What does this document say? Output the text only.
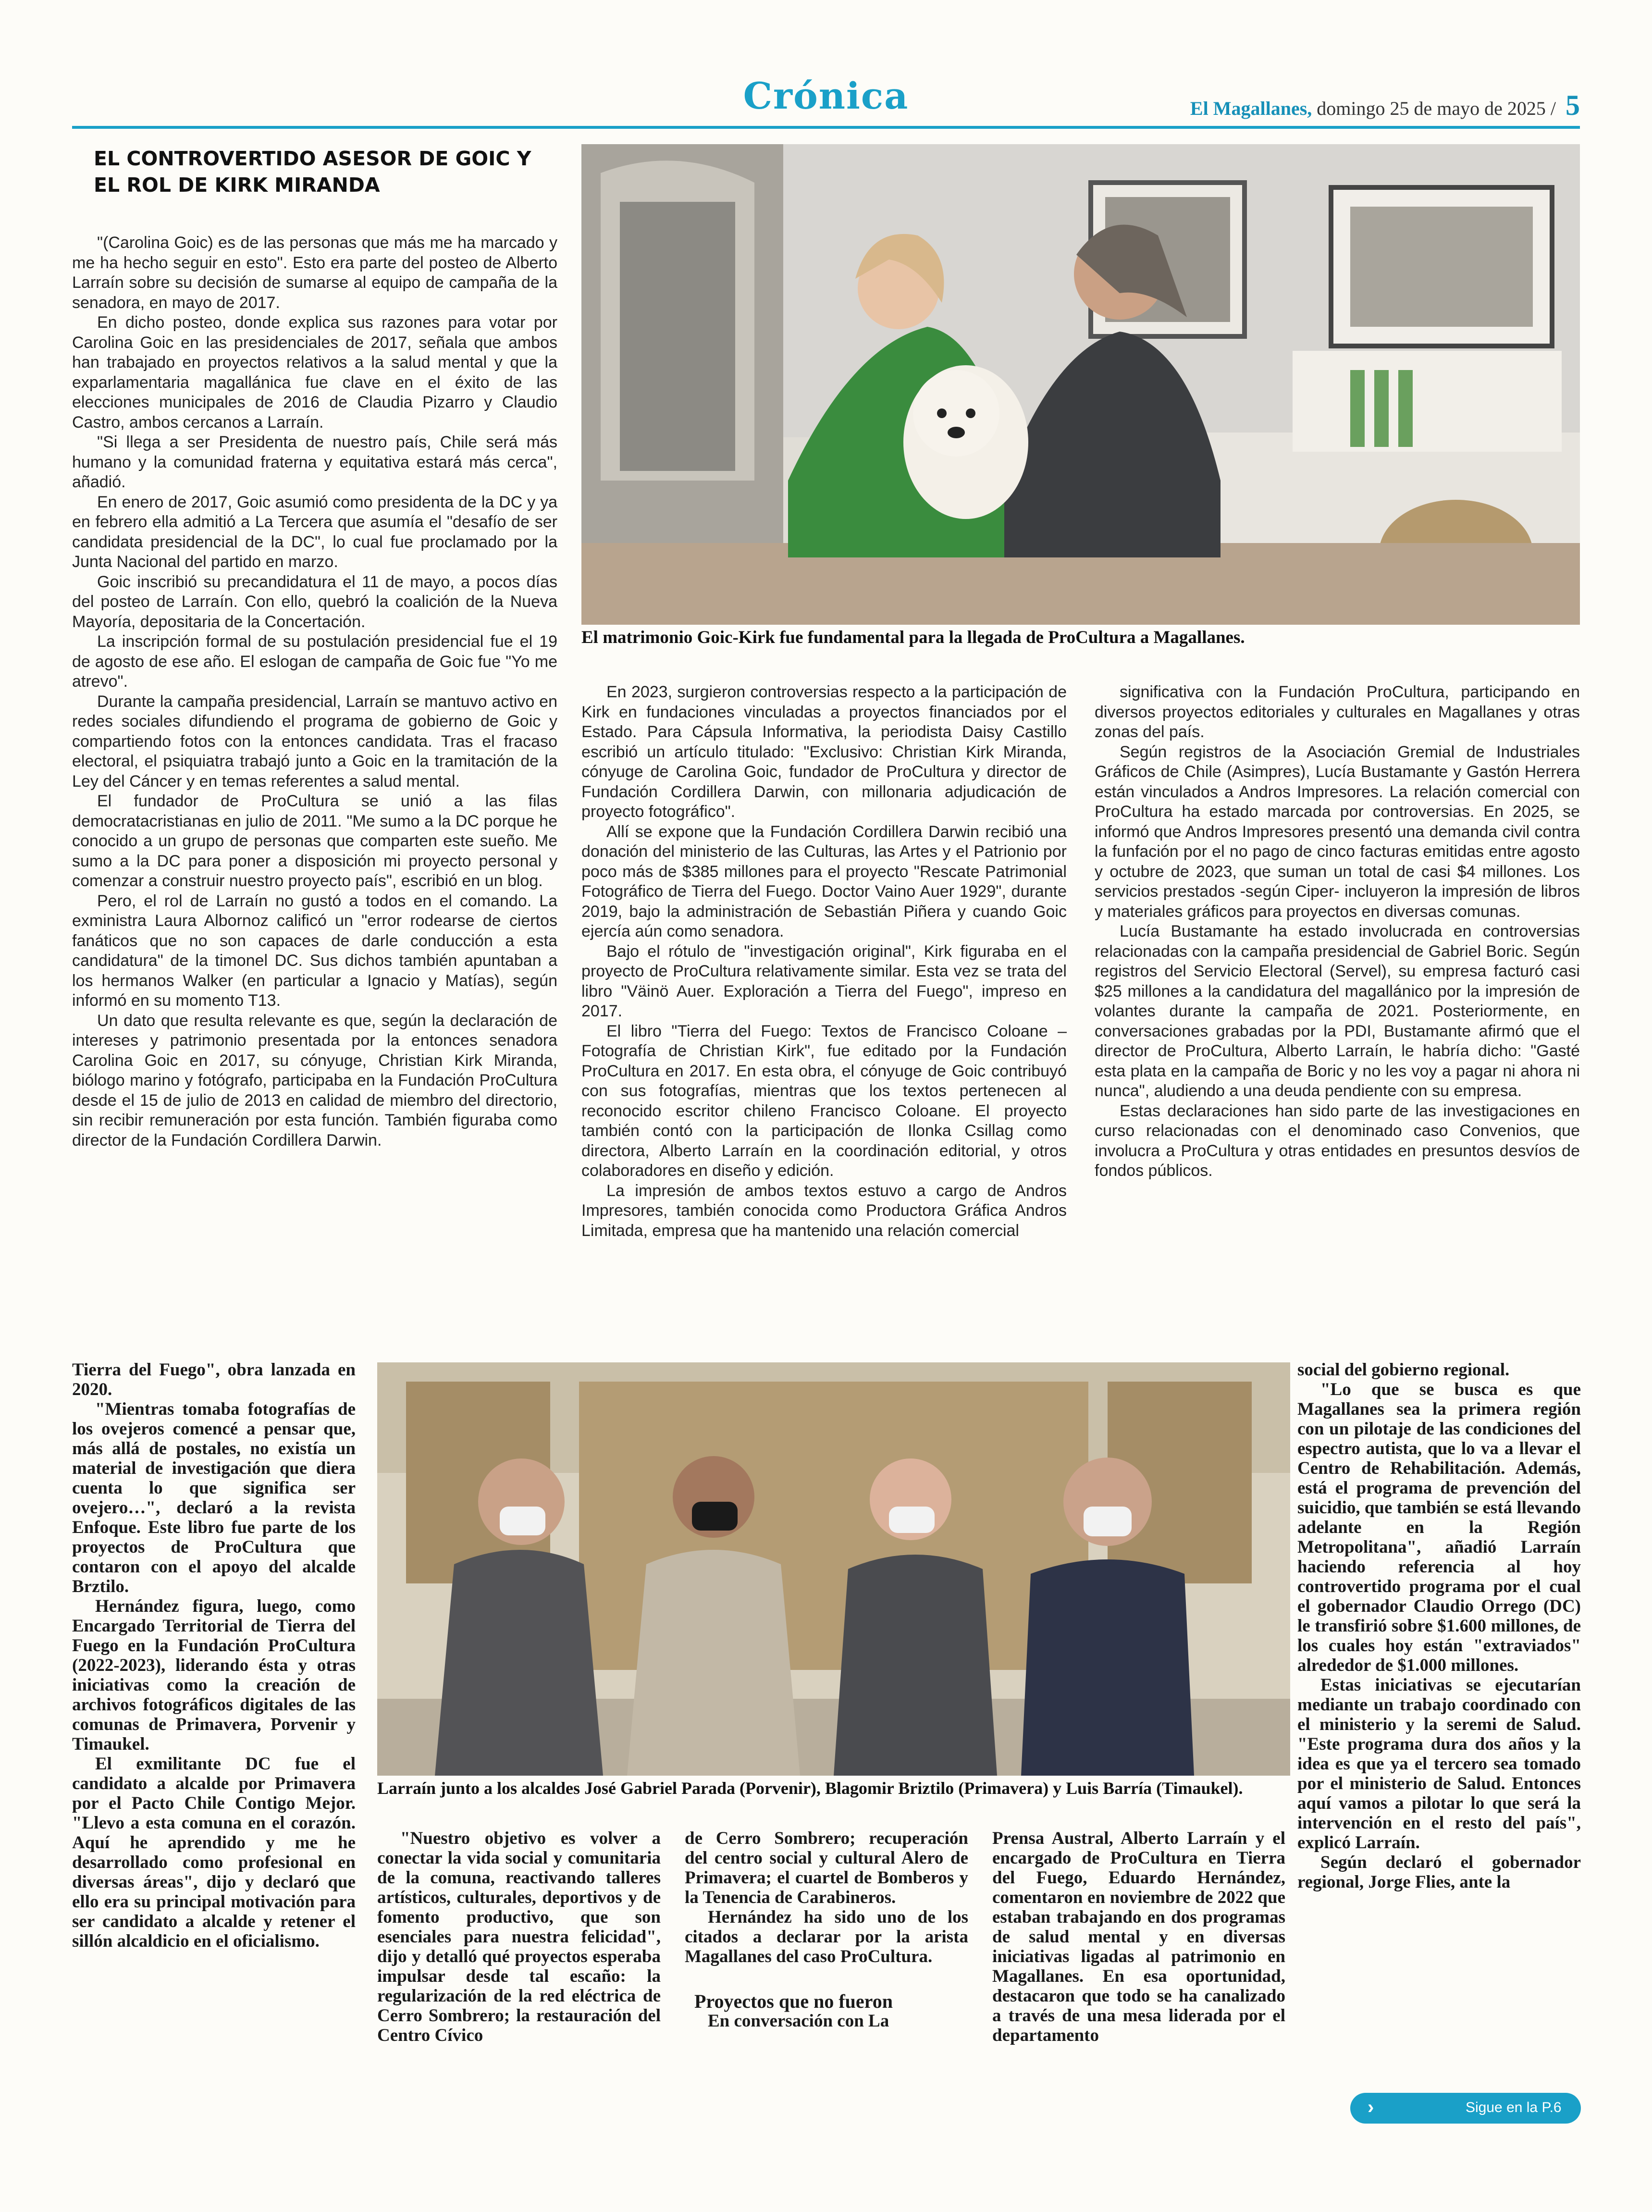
Crónica	El Magallanes, domingo 25 de mayo de 2025 / 5
EL CONTROVERTIDO ASESOR DE GOIC Y EL ROL DE KIRK MIRANDA

"(Carolina Goic) es de las personas que más me ha marcado y me ha hecho seguir en esto". Esto era parte del posteo de Alberto Larraín sobre su decisión de sumarse al equipo de campaña de la senadora, en mayo de 2017.

En dicho posteo, donde explica sus razones para votar por Carolina Goic en las presidenciales de 2017, señala que ambos han trabajado en proyectos relativos a la salud mental y que la exparlamentaria magallánica fue clave en el éxito de las elecciones municipales de 2016 de Claudia Pizarro y Claudio Castro, ambos cercanos a Larraín.

"Si llega a ser Presidenta de nuestro país, Chile será más humano y la comunidad fraterna y equitativa estará más cerca", añadió.

En enero de 2017, Goic asumió como presidenta de la DC y ya en febrero ella admitió a La Tercera que asumía el "desafío de ser candidata presidencial de la DC", lo cual fue proclamado por la Junta Nacional del partido en marzo.

Goic inscribió su precandidatura el 11 de mayo, a pocos días del posteo de Larraín. Con ello, quebró la coalición de la Nueva Mayoría, depositaria de la Concertación.

La inscripción formal de su postulación presidencial fue el 19 de agosto de ese año. El eslogan de campaña de Goic fue "Yo me atrevo".

Durante la campaña presidencial, Larraín se mantuvo activo en redes sociales difundiendo el programa de gobierno de Goic y compartiendo fotos con la entonces candidata. Tras el fracaso electoral, el psiquiatra trabajó junto a Goic en la tramitación de la Ley del Cáncer y en temas referentes a salud mental.

El fundador de ProCultura se unió a las filas democratacristianas en julio de 2011. "Me sumo a la DC porque he conocido a un grupo de personas que comparten este sueño. Me sumo a la DC para poner a disposición mi proyecto personal y comenzar a construir nuestro proyecto país", escribió en un blog.

Pero, el rol de Larraín no gustó a todos en el comando. La exministra Laura Albornoz calificó un "error rodearse de ciertos fanáticos que no son capaces de darle conducción a esta candidatura" de la timonel DC. Sus dichos también apuntaban a los hermanos Walker (en particular a Ignacio y Matías), según informó en su momento T13.

Un dato que resulta relevante es que, según la declaración de intereses y patrimonio presentada por la entonces senadora Carolina Goic en 2017, su cónyuge, Christian Kirk Miranda, biólogo marino y fotógrafo, participaba en la Fundación ProCultura desde el 15 de julio de 2013 en calidad de miembro del directorio, sin recibir remuneración por esta función. También figuraba como director de la Fundación Cordillera Darwin.

El matrimonio Goic-Kirk fue fundamental para la llegada de ProCultura a Magallanes.

En 2023, surgieron controversias respecto a la participación de Kirk en fundaciones vinculadas a proyectos financiados por el Estado. Para Cápsula Informativa, la periodista Daisy Castillo escribió un artículo titulado: "Exclusivo: Christian Kirk Miranda, cónyuge de Carolina Goic, fundador de ProCultura y director de Fundación Cordillera Darwin, con millonaria adjudicación de proyecto fotográfico".

Allí se expone que la Fundación Cordillera Darwin recibió una donación del ministerio de las Culturas, las Artes y el Patrionio por poco más de $385 millones para el proyecto "Rescate Patrimonial Fotográfico de Tierra del Fuego. Doctor Vaino Auer 1929", durante 2019, bajo la administración de Sebastián Piñera y cuando Goic ejercía aún como senadora.

Bajo el rótulo de "investigación original", Kirk figuraba en el proyecto de ProCultura relativamente similar. Esta vez se trata del libro "Väinö Auer. Exploración a Tierra del Fuego", impreso en 2017.

El libro "Tierra del Fuego: Textos de Francisco Coloane – Fotografía de Christian Kirk", fue editado por la Fundación ProCultura en 2017. En esta obra, el cónyuge de Goic contribuyó con sus fotografías, mientras que los textos pertenecen al reconocido escritor chileno Francisco Coloane. El proyecto también contó con la participación de Ilonka Csillag como directora, Alberto Larraín en la coordinación editorial, y otros colaboradores en diseño y edición.

La impresión de ambos textos estuvo a cargo de Andros Impresores, también conocida como Productora Gráfica Andros Limitada, empresa que ha mantenido una relación comercial

significativa con la Fundación ProCultura, participando en diversos proyectos editoriales y culturales en Magallanes y otras zonas del país.

Según registros de la Asociación Gremial de Industriales Gráficos de Chile (Asimpres), Lucía Bustamante y Gastón Herrera están vinculados a Andros Impresores. La relación comercial con ProCultura ha estado marcada por controversias. En 2025, se informó que Andros Impresores presentó una demanda civil contra la funfación por el no pago de cinco facturas emitidas entre agosto y octubre de 2023, que suman un total de casi $4 millones. Los servicios prestados -según Ciper- incluyeron la impresión de libros y materiales gráficos para proyectos en diversas comunas.

Lucía Bustamante ha estado involucrada en controversias relacionadas con la campaña presidencial de Gabriel Boric. Según registros del Servicio Electoral (Servel), su empresa facturó casi $25 millones a la candidatura del magallánico por la impresión de volantes durante la campaña de 2021. Posteriormente, en conversaciones grabadas por la PDI, Bustamante afirmó que el director de ProCultura, Alberto Larraín, le habría dicho: "Gasté esta plata en la campaña de Boric y no les voy a pagar ni ahora ni nunca", aludiendo a una deuda pendiente con su empresa.

Estas declaraciones han sido parte de las investigaciones en curso relacionadas con el denominado caso Convenios, que involucra a ProCultura y otras entidades en presuntos desvíos de fondos públicos.

Tierra del Fuego", obra lanzada en 2020.

"Mientras tomaba fotografías de los ovejeros comencé a pensar que, más allá de postales, no existía un material de investigación que diera cuenta lo que significa ser ovejero…", declaró a la revista Enfoque. Este libro fue parte de los proyectos de ProCultura que contaron con el apoyo del alcalde Brztilo.

Hernández figura, luego, como Encargado Territorial de Tierra del Fuego en la Fundación ProCultura (2022-2023), liderando ésta y otras iniciativas como la creación de archivos fotográficos digitales de las comunas de Primavera, Porvenir y Timaukel.

El exmilitante DC fue el candidato a alcalde por Primavera por el Pacto Chile Contigo Mejor. "Llevo a esta comuna en el corazón. Aquí he aprendido y me he desarrollado como profesional en diversas áreas", dijo y declaró que ello era su principal motivación para ser candidato a alcalde y retener el sillón alcaldicio en el oficialismo.

Larraín junto a los alcaldes José Gabriel Parada (Porvenir), Blagomir Briztilo (Primavera) y Luis Barría (Timaukel).

"Nuestro objetivo es volver a conectar la vida social y comunitaria de la comuna, reactivando talleres artísticos, culturales, deportivos y de fomento productivo, que son esenciales para nuestra felicidad", dijo y detalló qué proyectos esperaba impulsar desde tal escaño: la regularización de la red eléctrica de Cerro Sombrero; la restauración del Centro Cívico

de Cerro Sombrero; recuperación del centro social y cultural Alero de Primavera; el cuartel de Bomberos y la Tenencia de Carabineros.

Hernández ha sido uno de los citados a declarar por la arista Magallanes del caso ProCultura.

Proyectos que no fueron

En conversación con La

Prensa Austral, Alberto Larraín y el encargado de ProCultura en Tierra del Fuego, Eduardo Hernández, comentaron en noviembre de 2022 que estaban trabajando en dos programas de salud mental y en diversas iniciativas ligadas al patrimonio en Magallanes. En esa oportunidad, destacaron que todo se ha canalizado a través de una mesa liderada por el departamento

social del gobierno regional.

"Lo que se busca es que Magallanes sea la primera región con un pilotaje de las condiciones del espectro autista, que lo va a llevar el Centro de Rehabilitación. Además, está el programa de prevención del suicidio, que también se está llevando adelante en la Región Metropolitana", añadió Larraín haciendo referencia al hoy controvertido programa por el cual el gobernador Claudio Orrego (DC) le transfirió sobre $1.600 millones, de los cuales hoy están "extraviados" alrededor de $1.000 millones.

Estas iniciativas se ejecutarían mediante un trabajo coordinado con el ministerio y la seremi de Salud. "Este programa dura dos años y la idea es que ya el tercero sea tomado por el ministerio de Salud. Entonces aquí vamos a pilotar lo que será la intervención en el resto del país", explicó Larraín.

Según declaró el gobernador regional, Jorge Flies, ante la

›	Sigue en la P.6
